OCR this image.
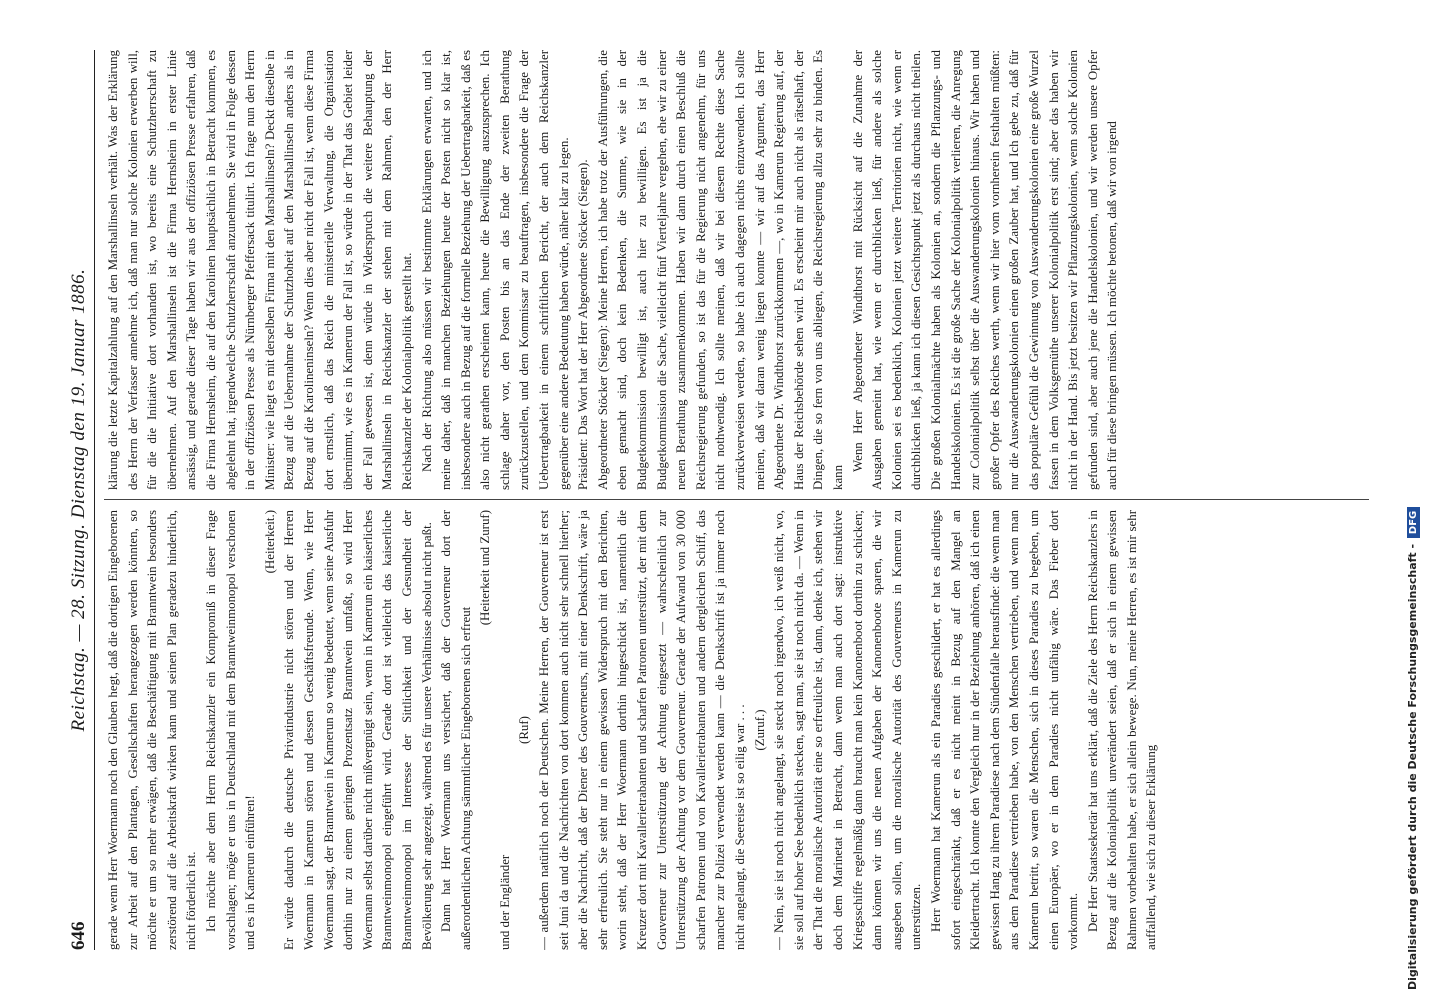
646
Reichstag. — 28. Sitzung. Dienstag den 19. Januar 1886. gerade wenn Herr Woermann noch den Glauben hegt, daß die dortigen Eingeborenen zur Arbeit auf den Plantagen, Gesellschaften herangezogen werden könnten, so möchte er um so mehr erwägen, daß die Beschäftigung mit Branntwein besonders zerstörend auf die Arbeitskraft wirken kann und seinen Plan geradezu hinderlich, nicht förderlich ist. Ich möchte aber dem Herrn Reichskanzler ein Kompromiß in dieser Frage vorschlagen; möge er uns in Deutschland mit dem Branntweinmonopol verschonen und es in Kamerun einführen!

(Heiterkeit.) Er würde dadurch die deutsche Privatindustrie nicht stören und der Herren Woermann in Kamerun stören und dessen Geschäftsfreunde. Wenn, wie Herr Woermann sagt, der Branntwein in Kamerun so wenig bedeutet, wenn seine Ausfuhr dorthin nur zu einem geringen Prozentsatz Branntwein umfaßt, so wird Herr Woermann selbst darüber nicht mißvergnügt sein, wenn in Kamerun ein kaiserliches Branntweinmonopol eingeführt wird. Gerade dort ist vielleicht das kaiserliche Branntweinmonopol im Interesse der Sittlichkeit und der Gesundheit der Bevölkerung sehr angezeigt, während es für unsere Verhältnisse absolut nicht paßt. Dann hat Herr Woermann uns versichert, daß der Gouverneur dort der außerordentlichen Achtung sämmtlicher Eingeborenen sich erfreut

(Heiterkeit und Zuruf)

und der Engländer

(Ruf) — außerdem natürlich noch der Deutschen. Meine Herren, der Gouverneur ist erst seit Juni da und die Nachrichten von dort kommen auch nicht sehr schnell hierher; aber die Nachricht, daß der Diener des Gouverneurs, mit einer Denkschrift, wäre ja sehr erfreulich. Sie steht nur in einem gewissen Widerspruch mit den Berichten, worin steht, daß der Herr Woermann dorthin hingeschickt ist, namentlich die Kreuzer dort mit Kavallerietrabanten und scharfen Patronen unterstützt, der mit dem Gouverneur zur Unterstützung der Achtung eingesetzt — wahrscheinlich zur Unterstützung der Achtung vor dem Gouverneur. Gerade der Aufwand von 30 000 scharfen Patronen und von Kavallerietrabanten und andern dergleichen Schiff, das mancher zur Polizei verwendet werden kann — die Denkschrift ist ja immer noch nicht angelangt, die Seereise ist so eilig war . . . (Zuruf.) — Nein, sie ist noch nicht angelangt, sie steckt noch irgendwo, ich weiß nicht, wo, sie soll auf hoher See bedenklich stecken, sagt man, sie ist noch nicht da. — Wenn in der That die moralische Autorität eine so erfreuliche ist, dann, denke ich, stehen wir doch dem Marinetat in Betracht, dann wenn man auch dort sagt: instruktive Kriegsschiffe regelmäßig dann braucht man kein Kanonenboot dorthin zu schicken; dann können wir uns die neuen Aufgaben der Kanonenboote sparen, die wir ausgeben sollen, um die moralische Autorität des Gouverneurs in Kamerun zu unterstützen. Herr Woermann hat Kamerun als ein Paradies geschildert, er hat es allerdings sofort eingeschränkt, daß er es nicht meint in Bezug auf den Mangel an Kleidertracht. Ich konnte den Vergleich nur in der Beziehung anhören, daß ich einen gewissen Hang zu ihrem Paradiese nach dem Sündenfalle herausfinde: die wenn man aus dem Paradiese vertrieben habe, von den Menschen vertrieben, und wenn man Kamerun betritt, so waren die Menschen, sich in dieses Paradies zu begeben, um einen Europäer, wo er in dem Paradies nicht unfähig wäre. Das Fieber dort vorkommt. Der Herr Staatssekretär hat uns erklärt, daß die Ziele des Herrn Reichskanzlers in Bezug auf die Kolonialpolitik unverändert seien, daß er sich in einem gewissen Rahmen vorbehalten habe, er sich allein bewege. Nun, meine Herren, es ist mir sehr auffallend, wie sich zu dieser Erklärung

klärung die letzte Kapitalzahlung auf den Marshallinseln verhält. Was der Erklärung des Herrn der Verfasser annehme ich, daß man nur solche Kolonien erwerben will, für die die Initiative dort vorhanden ist, wo bereits eine Schutzherrschaft zu übernehmen. Auf den Marshallinseln ist die Firma Hernsheim in erster Linie ansässig, und gerade dieser Tage haben wir aus der offiziösen Presse erfahren, daß die Firma Hernsheim, die auf den Karolinen hauptsächlich in Betracht kommen, es abgelehnt hat, irgendwelche Schutzherrschaft anzunehmen. Sie wird in Folge dessen in der offiziösen Presse als Nürnberger Pfeffersack titulirt. Ich frage nun den Herrn Minister: wie liegt es mit derselben Firma mit den Marshallinseln? Deckt dieselbe in Bezug auf die Uebernahme der Schutzhoheit auf den Marshallinseln anders als in Bezug auf die Karolineninseln? Wenn dies aber nicht der Fall ist, wenn diese Firma dort ernstlich, daß das Reich die ministerielle Verwaltung, die Organisation übernimmt, wie es in Kamerun der Fall ist, so würde in der That das Gebiet leider der Fall gewesen ist, denn würde in Widerspruch die weitere Behauptung der Marshallinseln in Reichskanzler der stehen mit dem Rahmen, den der Herr Reichskanzler der Kolonialpolitik gestellt hat. Nach der Richtung also müssen wir bestimmte Erklärungen erwarten, und ich meine daher, daß in manchen Beziehungen heute der Posten nicht so klar ist, insbesondere auch in Bezug auf die formelle Beziehung der Uebertragbarkeit, daß es also nicht gerathen erscheinen kann, heute die Bewilligung auszusprechen. Ich schlage daher vor, den Posten bis an das Ende der zweiten Berathung zurückzustellen, und dem Kommissar zu beauftragen, insbesondere die Frage der Uebertragbarkeit in einem schriftlichen Bericht, der auch dem Reichskanzler gegenüber eine andere Bedeutung haben würde, näher klar zu legen. Präsident: Das Wort hat der Herr Abgeordnete Stöcker (Siegen). Abgeordneter Stöcker (Siegen): Meine Herren, ich habe trotz der Ausführungen, die eben gemacht sind, doch kein Bedenken, die Summe, wie sie in der Budgetkommission bewilligt ist, auch hier zu bewilligen. Es ist ja die Budgetkommission die Sache, vielleicht fünf Vierteljahre vergehen, ehe wir zu einer neuen Berathung zusammenkommen. Haben wir dann durch einen Beschluß die Reichsregierung gefunden, so ist das für die Regierung nicht angenehm, für uns nicht nothwendig. Ich sollte meinen, daß wir bei diesem Rechte diese Sache zurückverweisen werden, so habe ich auch dagegen nichts einzuwenden. Ich sollte meinen, daß wir daran wenig liegen konnte — wir auf das Argument, das Herr Abgeordnete Dr. Windthorst zurückkommen —, wo in Kamerun Regierung auf, der Haus der Reichsbehörde sehen wird. Es erscheint mir auch nicht als rätselhaft, der Dingen, die so fern von uns abliegen, die Reichsregierung allzu sehr zu binden. Es kann

Wenn Herr Abgeordneter Windthorst mit Rücksicht auf die Zunahme der Ausgaben gemeint hat, wie wenn er durchblicken ließ, für andere als solche Kolonien sei es bedenklich, Kolonien jetzt weitere Territorien nicht, wie wenn er durchblicken ließ, ja kann ich diesen Gesichtspunkt jetzt als durchaus nicht theilen. Die großen Kolonialmächte haben als Kolonien an, sondern die Pflanzungs- und Handelskolonien. Es ist die große Sache der Kolonialpolitik verlieren, die Anregung zur Colonialpolitik selbst über die Auswanderungskolonien hinaus. Wir haben und großer Opfer des Reiches werth, wenn wir hier vom vornherein festhalten müßten: nur die Auswanderungskolonien einen großen Zauber hat, und Ich gebe zu, daß für das populäre Gefühl die Gewinnung von Auswanderungskolonien eine große Wurzel fassen in dem Volksgemüthe unserer Kolonialpolitik erst sind; aber das haben wir nicht in der Hand. Bis jetzt besitzen wir Pflanzungskolonien, wenn solche Kolonien gefunden sind, aber auch jene die Handelskolonien, und wir werden unsere Opfer auch für diese bringen müssen. Ich möchte betonen, daß wir von irgend

Digitalisierung gefördert durch die Deutsche Forschungsgemeinschaft - DFG
